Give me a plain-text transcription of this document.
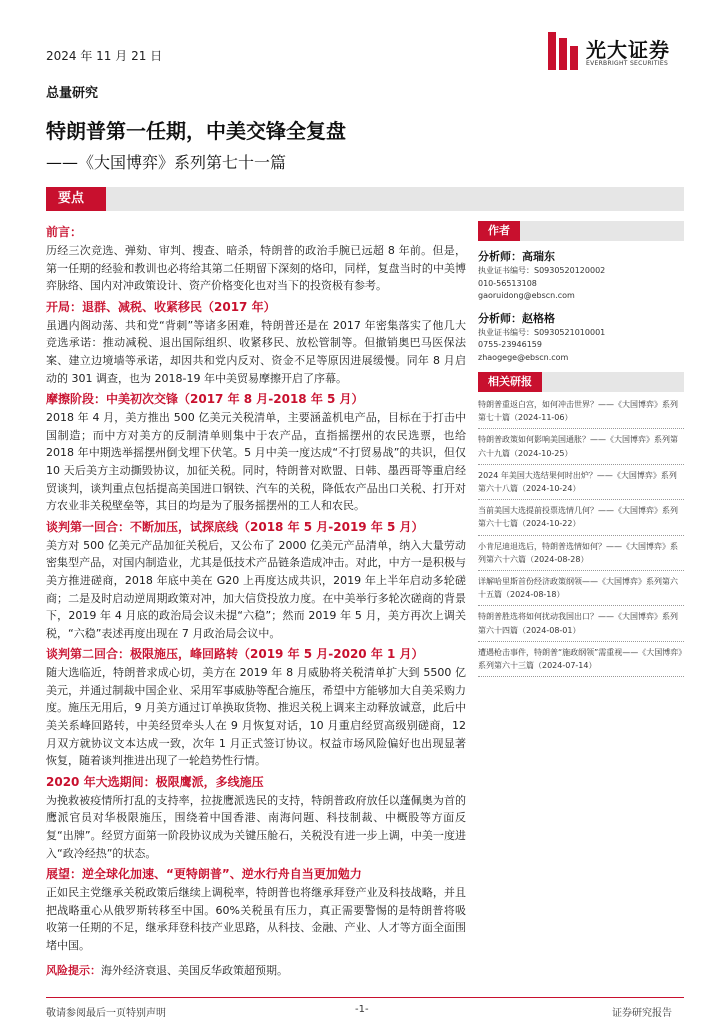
2024 年 11 月 21 日	光大证券
EVERBRIGHT SECURITIES
总量研究
特朗普第一任期，中美交锋全复盘
——《大国博弈》系列第七十一篇
要点
前言：
历经三次竞选、弹劾、审判、搜查、暗杀，特朗普的政治手腕已远超 8 年前。但是，第一任期的经验和教训也必将给其第二任期留下深刻的烙印，同样，复盘当时的中美博弈脉络、国内对冲政策设计、资产价格变化也对当下的投资极有参考。
开局：退群、减税、收紧移民（2017 年）
虽遇内阁动荡、共和党“背刺”等诸多困难，特朗普还是在 2017 年密集落实了他几大竞选承诺：推动减税、退出国际组织、收紧移民、放松管制等。但撤销奥巴马医保法案、建立边境墙等承诺，却因共和党内反对、资金不足等原因进展缓慢。同年 8 月启动的 301 调查，也为 2018-19 年中美贸易摩擦开启了序幕。
摩擦阶段：中美初次交锋（2017 年 8 月-2018 年 5 月）
2018 年 4 月，美方推出 500 亿美元关税清单，主要涵盖机电产品，目标在于打击中国制造；而中方对美方的反制清单则集中于农产品，直指摇摆州的农民选票，也给 2018 年中期选举摇摆州倒戈埋下伏笔。5 月中美一度达成“不打贸易战”的共识，但仅 10 天后美方主动撕毁协议，加征关税。同时，特朗普对欧盟、日韩、墨西哥等重启经贸谈判，谈判重点包括提高美国进口钢铁、汽车的关税，降低农产品出口关税、打开对方农业非关税壁垒等，其目的均是为了服务摇摆州的工人和农民。
谈判第一回合：不断加压，试探底线（2018 年 5 月-2019 年 5 月）
美方对 500 亿美元产品加征关税后，又公布了 2000 亿美元产品清单，纳入大量劳动密集型产品，对国内制造业，尤其是低技术产品链条造成冲击。对此，中方一是积极与美方推进磋商，2018 年底中美在 G20 上再度达成共识，2019 年上半年启动多轮磋商；二是及时启动逆周期政策对冲，加大信贷投放力度。在中美举行多轮次磋商的背景下，2019 年 4 月底的政治局会议未提“六稳”；然而 2019 年 5 月，美方再次上调关税，“六稳”表述再度出现在 7 月政治局会议中。
谈判第二回合：极限施压，峰回路转（2019 年 5 月-2020 年 1 月）
随大选临近，特朗普求成心切，美方在 2019 年 8 月威胁将关税清单扩大到 5500 亿美元，并通过制裁中国企业、采用军事威胁等配合施压，希望中方能够加大自美采购力度。施压无用后，9 月美方通过订单换取货物、推迟关税上调来主动释放诚意，此后中美关系峰回路转，中美经贸牵头人在 9 月恢复对话，10 月重启经贸高级别磋商，12 月双方就协议文本达成一致，次年 1 月正式签订协议。权益市场风险偏好也出现显著恢复，随着谈判推进出现了一轮趋势性行情。
2020 年大选期间：极限鹰派，多线施压
为挽救被疫情所打乱的支持率，拉拢鹰派选民的支持，特朗普政府放任以蓬佩奥为首的鹰派官员对华极限施压，围绕着中国香港、南海问题、科技制裁、中概股等方面反复“出牌”。经贸方面第一阶段协议成为关键压舱石，关税没有进一步上调，中美一度进入“政冷经热”的状态。
展望：逆全球化加速、“更特朗普”、逆水行舟自当更加勉力
正如民主党继承关税政策后继续上调税率，特朗普也将继承拜登产业及科技战略，并且把战略重心从俄罗斯转移至中国。60%关税虽有压力，真正需要警惕的是特朗普将吸收第一任期的不足，继承拜登科技产业思路，从科技、金融、产业、人才等方面全面围堵中国。
风险提示：海外经济衰退、美国反华政策超预期。
作者
分析师：高瑞东
执业证书编号：S0930520120002
010-56513108
gaoruidong@ebscn.com
分析师：赵格格
执业证书编号：S0930521010001
0755-23946159
zhaogege@ebscn.com
相关研报
特朗普重返白宫，如何冲击世界？——《大国博弈》系列第七十篇（2024-11-06）
特朗普政策如何影响美国通胀？——《大国博弈》系列第六十九篇（2024-10-25）
2024 年美国大选结果何时出炉？——《大国博弈》系列第六十八篇（2024-10-24）
当前美国大选提前投票选情几何？——《大国博弈》系列第六十七篇（2024-10-22）
小肯尼迪退选后，特朗普选情如何？——《大国博弈》系列第六十六篇（2024-08-28）
详解哈里斯首份经济政策纲领——《大国博弈》系列第六十五篇（2024-08-18）
特朗普胜选将如何扰动我国出口？——《大国博弈》系列第六十四篇（2024-08-01）
遭遇枪击事件，特朗普“施政纲领”需重视——《大国博弈》系列第六十三篇（2024-07-14）
敬请参阅最后一页特别声明	-1-	证券研究报告
